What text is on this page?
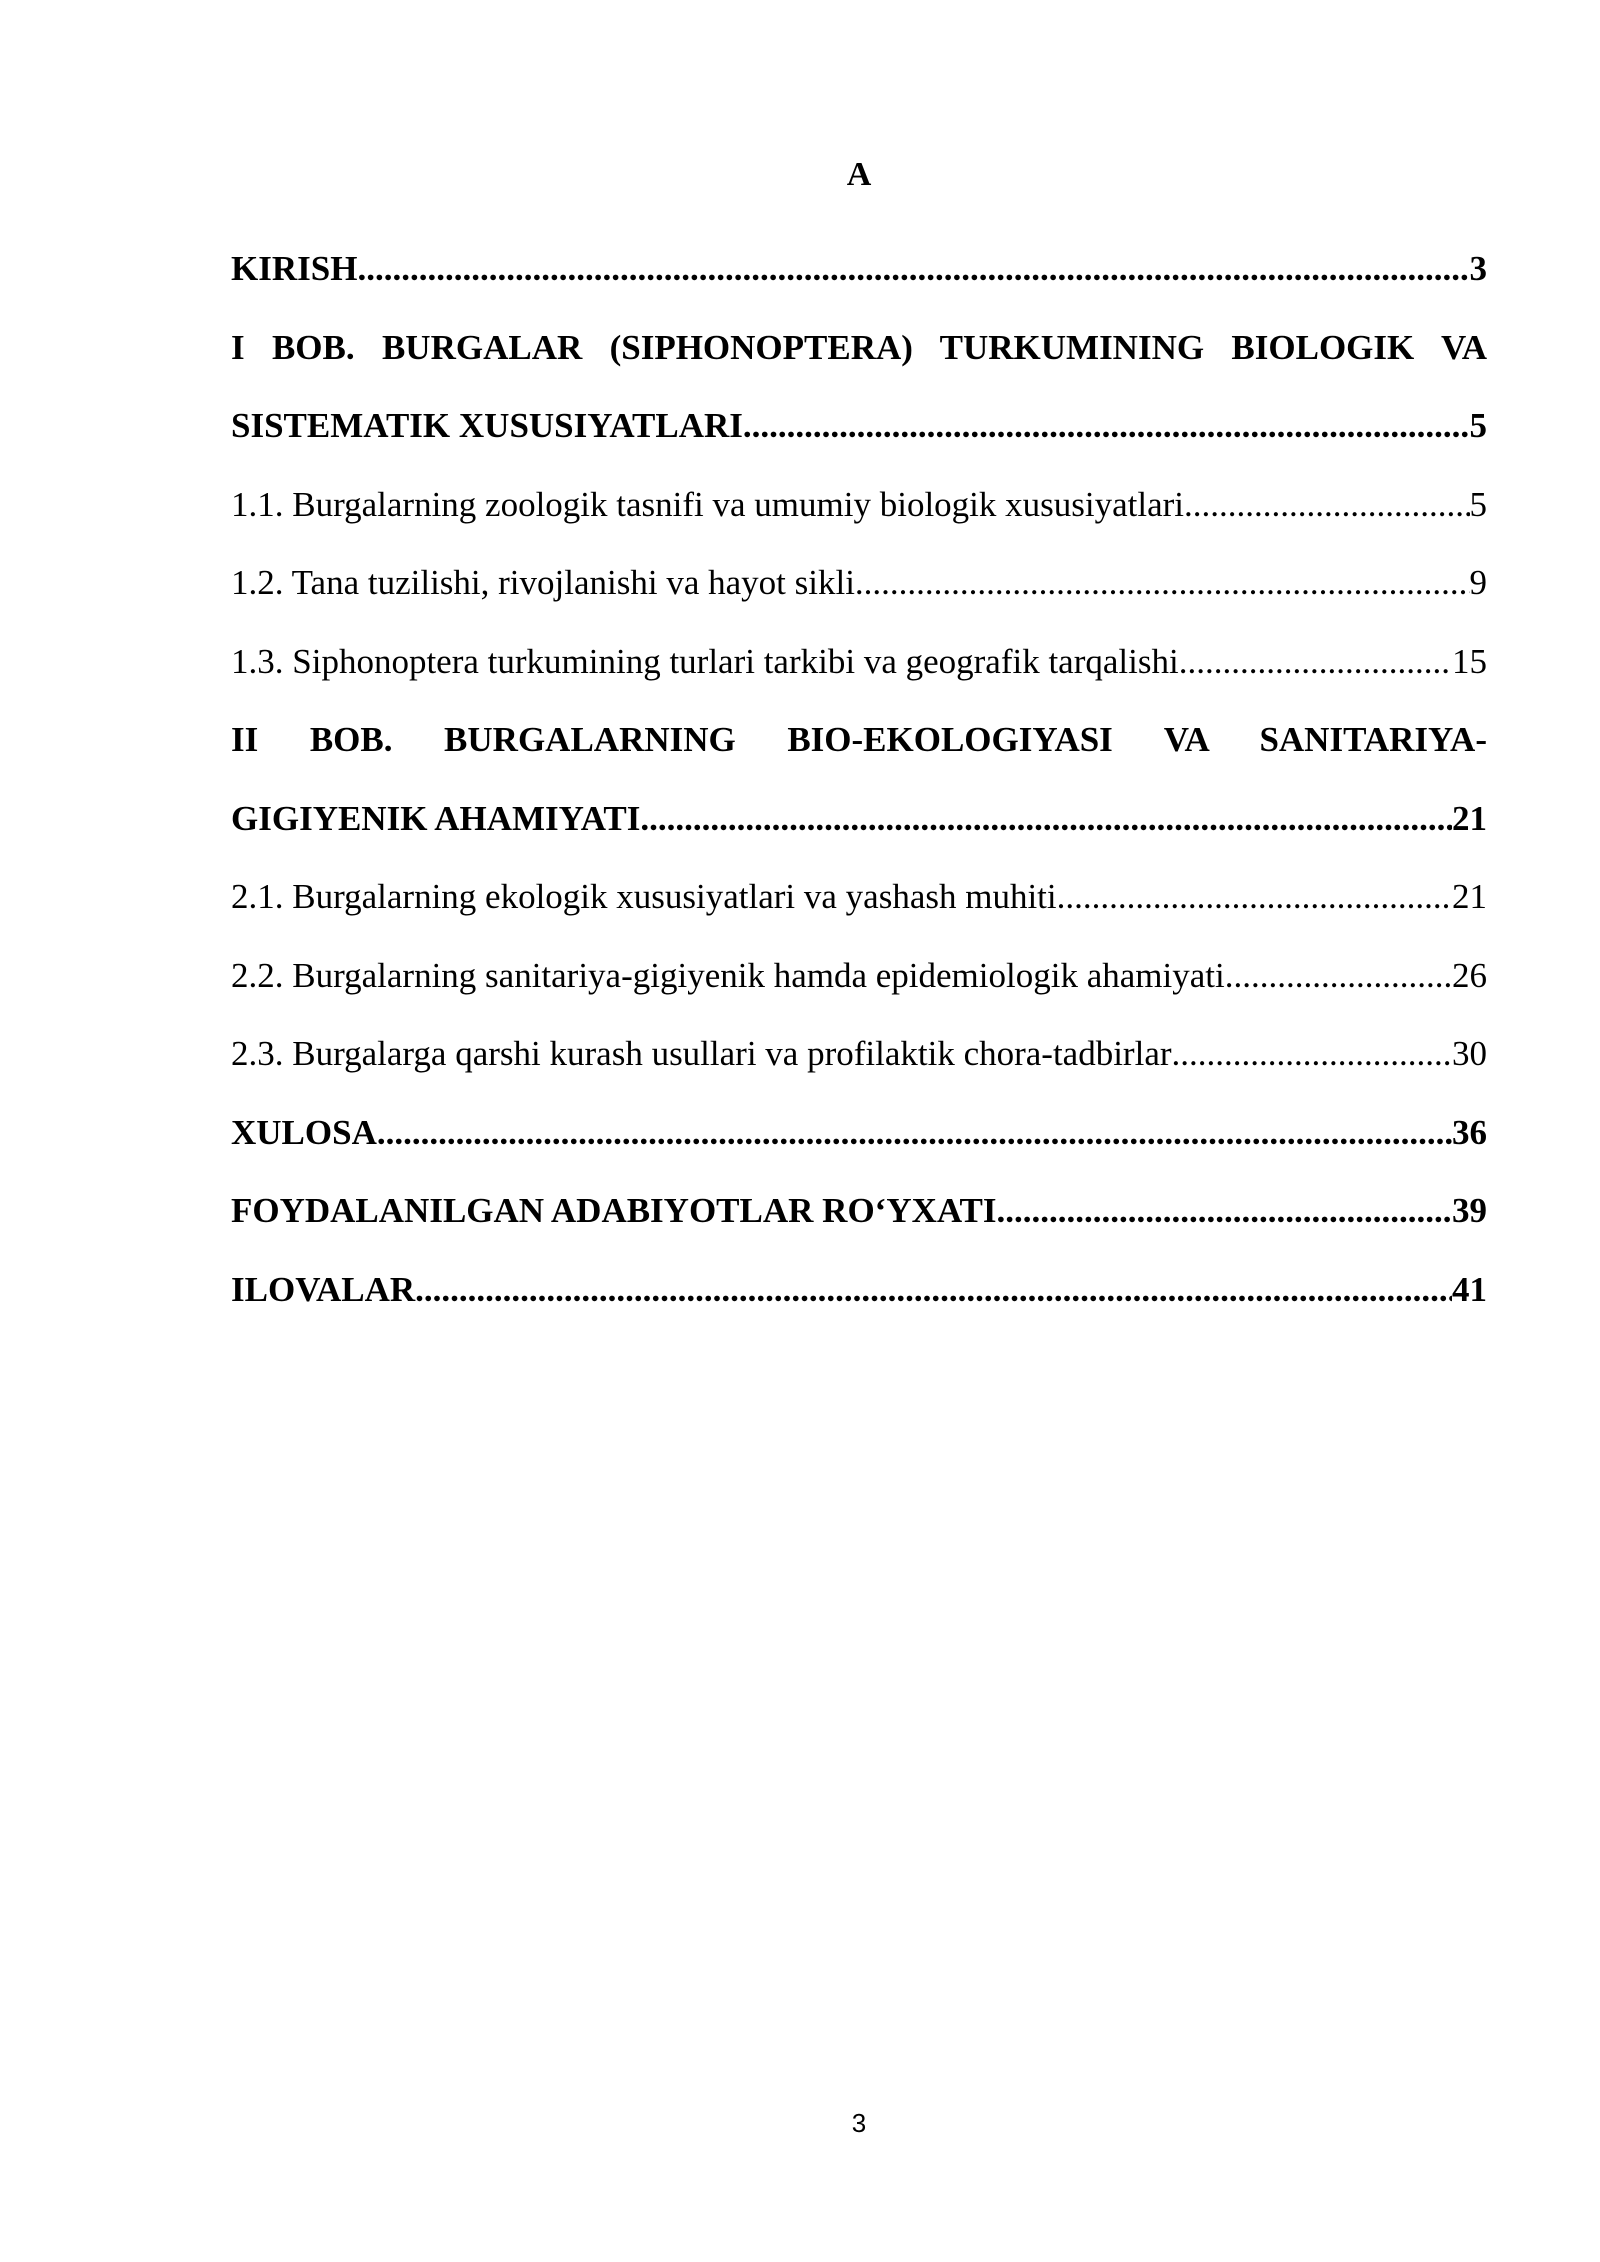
A
KIRISH .....	3
I BOB. BURGALAR (SIPHONOPTERA) TURKUMINING BIOLOGIK VA
SISTEMATIK XUSUSIYATLARI .....	5
1.1. Burgalarning zoologik tasnifi va umumiy biologik xususiyatlari .....	5
1.2. Tana tuzilishi, rivojlanishi va hayot sikli .....	9
1.3. Siphonoptera turkumining turlari tarkibi va geografik tarqalishi .....	15
II BOB. BURGALARNING BIO-EKOLOGIYASI VA SANITARIYA-
GIGIYENIK AHAMIYATI .....	21
2.1. Burgalarning ekologik xususiyatlari va yashash muhiti .....	21
2.2. Burgalarning sanitariya-gigiyenik hamda epidemiologik ahamiyati .....	26
2.3. Burgalarga qarshi kurash usullari va profilaktik chora-tadbirlar .....	30
XULOSA .....	36
FOYDALANILGAN ADABIYOTLAR RO‘YXATI .....	39
ILOVALAR .....	41
3
